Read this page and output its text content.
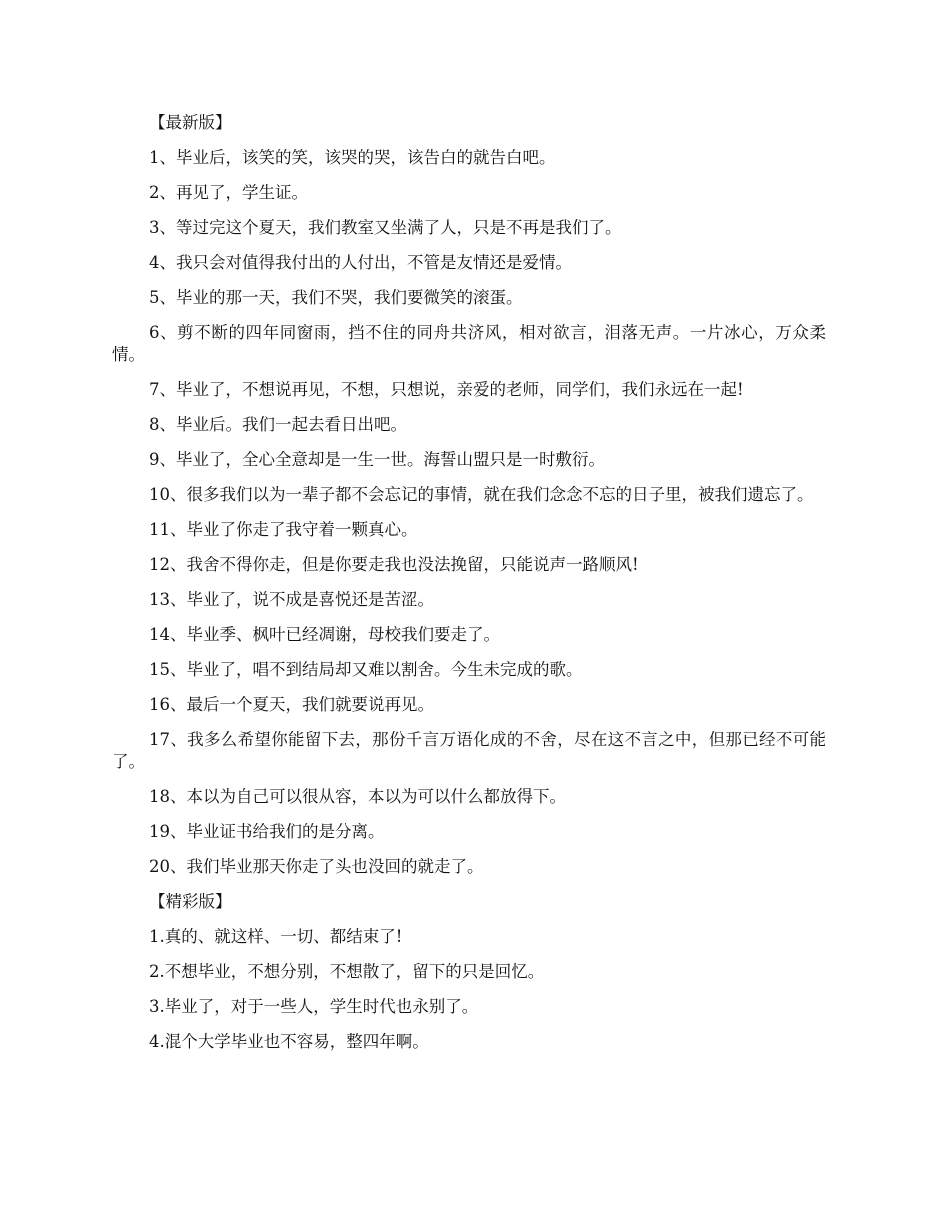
【最新版】

1、毕业后，该笑的笑，该哭的哭，该告白的就告白吧。

2、再见了，学生证。

3、等过完这个夏天，我们教室又坐满了人，只是不再是我们了。

4、我只会对值得我付出的人付出，不管是友情还是爱情。

5、毕业的那一天，我们不哭，我们要微笑的滚蛋。

6、剪不断的四年同窗雨，挡不住的同舟共济风，相对欲言，泪落无声。一片冰心，万众柔情。

7、毕业了，不想说再见，不想，只想说，亲爱的老师，同学们，我们永远在一起!

8、毕业后。我们一起去看日出吧。

9、毕业了，全心全意却是一生一世。海誓山盟只是一时敷衍。

10、很多我们以为一辈子都不会忘记的事情，就在我们念念不忘的日子里，被我们遗忘了。

11、毕业了你走了我守着一颗真心。

12、我舍不得你走，但是你要走我也没法挽留，只能说声一路顺风!

13、毕业了，说不成是喜悦还是苦涩。

14、毕业季、枫叶已经凋谢，母校我们要走了。

15、毕业了，唱不到结局却又难以割舍。今生未完成的歌。

16、最后一个夏天，我们就要说再见。

17、我多么希望你能留下去，那份千言万语化成的不舍，尽在这不言之中，但那已经不可能了。

18、本以为自己可以很从容，本以为可以什么都放得下。

19、毕业证书给我们的是分离。

20、我们毕业那天你走了头也没回的就走了。

【精彩版】

1.真的、就这样、一切、都结束了!

2.不想毕业，不想分别，不想散了，留下的只是回忆。

3.毕业了，对于一些人，学生时代也永别了。

4.混个大学毕业也不容易，整四年啊。
